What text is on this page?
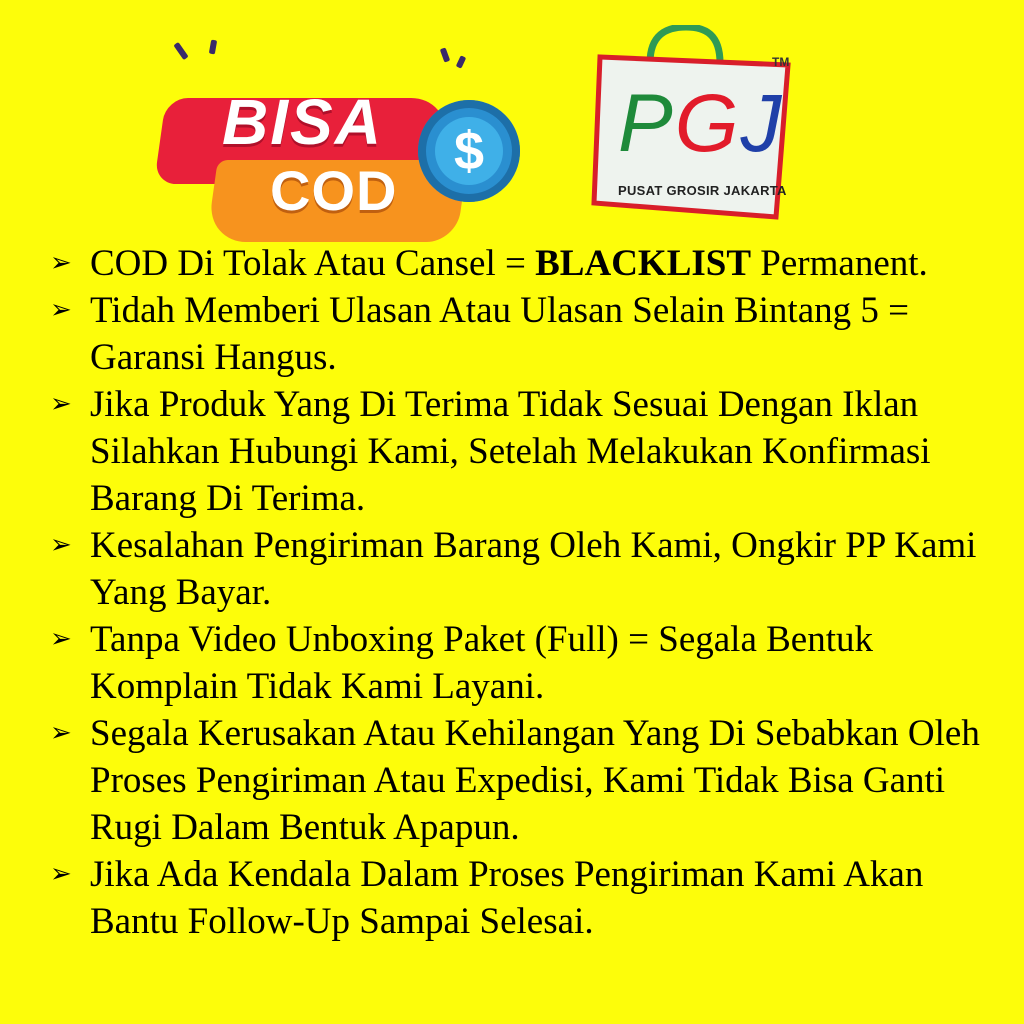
BISA
COD
$
TM
PGJ
PUSAT GROSIR JAKARTA
➢ COD Di Tolak Atau Cansel = BLACKLIST Permanent.
➢ Tidah Memberi Ulasan Atau Ulasan Selain Bintang 5 = Garansi Hangus.
➢ Jika Produk Yang Di Terima Tidak Sesuai Dengan Iklan Silahkan Hubungi Kami, Setelah Melakukan Konfirmasi Barang Di Terima.
➢ Kesalahan Pengiriman Barang Oleh Kami, Ongkir PP Kami Yang Bayar.
➢ Tanpa Video Unboxing Paket (Full) = Segala Bentuk Komplain Tidak Kami Layani.
➢ Segala Kerusakan Atau Kehilangan Yang Di Sebabkan Oleh Proses Pengiriman Atau Expedisi, Kami Tidak Bisa Ganti Rugi Dalam Bentuk Apapun.
➢ Jika Ada Kendala Dalam Proses Pengiriman Kami Akan Bantu Follow-Up Sampai Selesai.
